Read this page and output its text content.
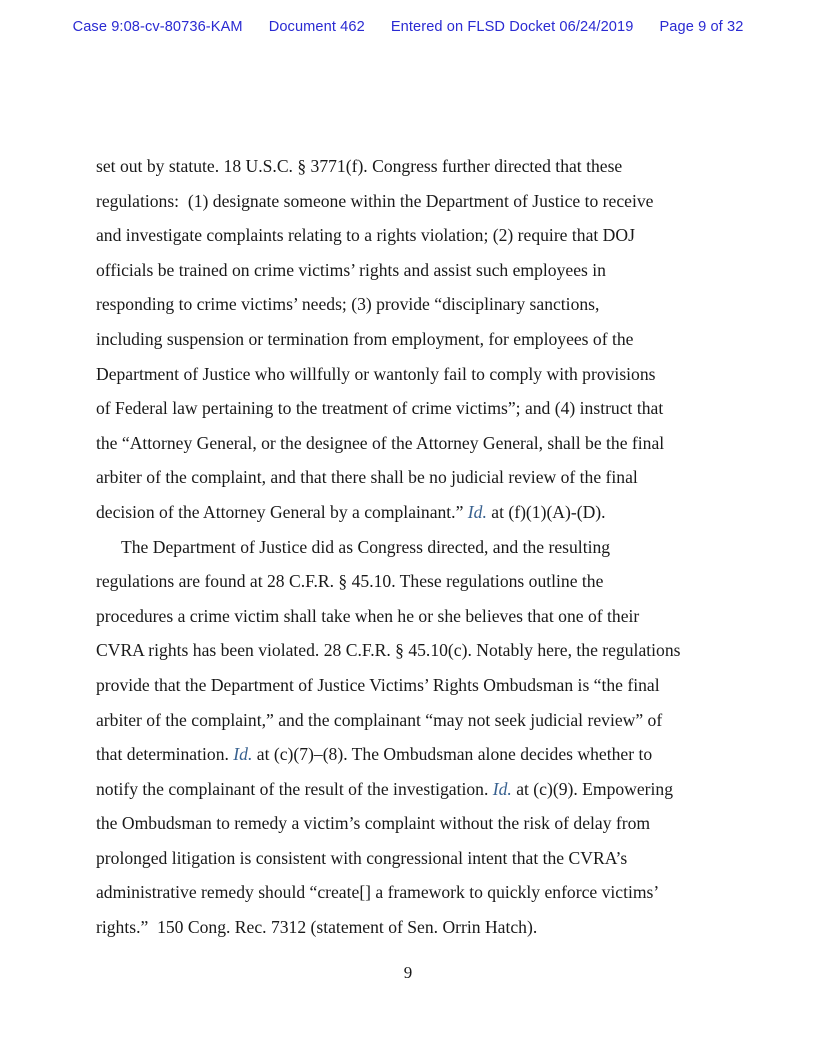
Case 9:08-cv-80736-KAM Document 462 Entered on FLSD Docket 06/24/2019 Page 9 of 32
set out by statute. 18 U.S.C. § 3771(f). Congress further directed that these
regulations:  (1) designate someone within the Department of Justice to receive
and investigate complaints relating to a rights violation; (2) require that DOJ
officials be trained on crime victims’ rights and assist such employees in
responding to crime victims’ needs; (3) provide “disciplinary sanctions,
including suspension or termination from employment, for employees of the
Department of Justice who willfully or wantonly fail to comply with provisions
of Federal law pertaining to the treatment of crime victims”; and (4) instruct that
the “Attorney General, or the designee of the Attorney General, shall be the final
arbiter of the complaint, and that there shall be no judicial review of the final
decision of the Attorney General by a complainant.” Id. at (f)(1)(A)-(D).
The Department of Justice did as Congress directed, and the resulting
regulations are found at 28 C.F.R. § 45.10. These regulations outline the
procedures a crime victim shall take when he or she believes that one of their
CVRA rights has been violated. 28 C.F.R. § 45.10(c). Notably here, the regulations
provide that the Department of Justice Victims’ Rights Ombudsman is “the final
arbiter of the complaint,” and the complainant “may not seek judicial review” of
that determination. Id. at (c)(7)–(8). The Ombudsman alone decides whether to
notify the complainant of the result of the investigation. Id. at (c)(9). Empowering
the Ombudsman to remedy a victim’s complaint without the risk of delay from
prolonged litigation is consistent with congressional intent that the CVRA’s
administrative remedy should “create[] a framework to quickly enforce victims’
rights.”  150 Cong. Rec. 7312 (statement of Sen. Orrin Hatch).
9
